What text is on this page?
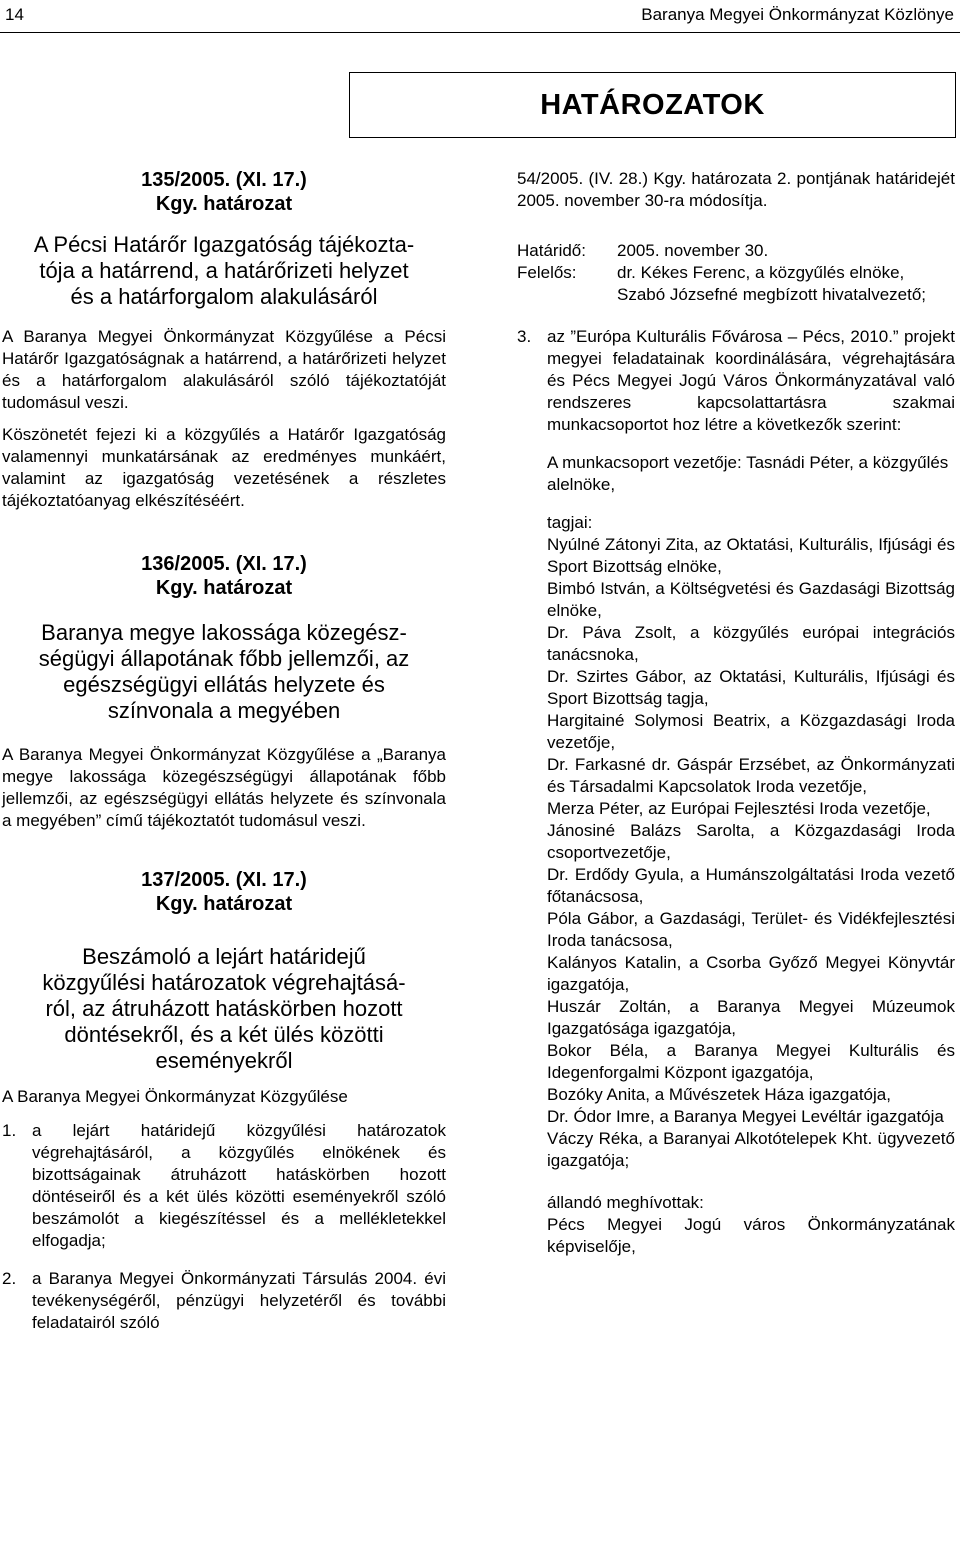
14	Baranya Megyei Önkormányzat Közlönye
HATÁROZATOK

135/2005. (XI. 17.)

Kgy. határozat

A Pécsi Határőr Igazgatóság tájékozta-
tója a határrend, a határőrizeti helyzet
és a határforgalom alakulásáról

A Baranya Megyei Önkormányzat Közgyűlése a Pécsi Határőr Igazgatóságnak a határrend, a határőrizeti helyzet és a határforgalom alakulásáról szóló tájékoztatóját tudomásul veszi.

Köszönetét fejezi ki a közgyűlés a Határőr Igazgatóság valamennyi munkatársának az eredményes munkáért, valamint az igazgatóság vezetésének a részletes tájékoztatóanyag elkészítéséért.

136/2005. (XI. 17.)

Kgy. határozat

Baranya megye lakossága közegész-
ségügyi állapotának főbb jellemzői, az
egészségügyi ellátás helyzete és
színvonala a megyében

A Baranya Megyei Önkormányzat Közgyűlése a „Baranya megye lakossága közegészségügyi állapotának főbb jellemzői, az egészségügyi ellátás helyzete és színvonala a megyében” című tájékoztatót tudomásul veszi.

137/2005. (XI. 17.)

Kgy. határozat

Beszámoló a lejárt határidejű
közgyűlési határozatok végrehajtásá-
ról, az átruházott hatáskörben hozott
döntésekről, és a két ülés közötti
eseményekről

A Baranya Megyei Önkormányzat Közgyűlése

1. a lejárt határidejű közgyűlési határozatok végrehajtásáról, a közgyűlés elnökének és bizottságainak átruházott hatáskörben hozott döntéseiről és a két ülés közötti eseményekről szóló beszámolót a kiegészítéssel és a mellékletekkel elfogadja;
2. a Baranya Megyei Önkormányzati Társulás 2004. évi tevékenységéről, pénzügyi helyzetéről és további feladatairól szóló

54/2005. (IV. 28.) Kgy. határozata 2. pontjának határidejét 2005. november 30-ra módosítja.

Határidő:	2005. november 30.
Felelős:	dr. Kékes Ferenc, a közgyűlés elnöke,
Szabó Józsefné megbízott hivatalvezető;
3. az ”Európa Kulturális Fővárosa – Pécs, 2010.” projekt megyei feladatainak koordinálására, végrehajtására és Pécs Megyei Jogú Város Önkormányzatával való rendszeres kapcsolattartásra szakmai munkacsoportot hoz létre a következők szerint:

A munkacsoport vezetője: Tasnádi Péter, a közgyűlés alelnöke,

tagjai:

Nyúlné Zátonyi Zita, az Oktatási, Kulturális, Ifjúsági és Sport Bizottság elnöke,
Bimbó István, a Költségvetési és Gazdasági Bizottság elnöke,
Dr. Páva Zsolt, a közgyűlés európai integrációs tanácsnoka,
Dr. Szirtes Gábor, az Oktatási, Kulturális, Ifjúsági és Sport Bizottság tagja,
Hargitainé Solymosi Beatrix, a Közgazdasági Iroda vezetője,
Dr. Farkasné dr. Gáspár Erzsébet, az Önkormányzati és Társadalmi Kapcsolatok Iroda vezetője,
Merza Péter, az Európai Fejlesztési Iroda vezetője,
Jánosiné Balázs Sarolta, a Közgazdasági Iroda csoportvezetője,
Dr. Erdődy Gyula, a Humánszolgáltatási Iroda vezető főtanácsosa,
Póla Gábor, a Gazdasági, Terület- és Vidékfejlesztési Iroda tanácsosa,
Kalányos Katalin, a Csorba Győző Megyei Könyvtár igazgatója,
Huszár Zoltán, a Baranya Megyei Múzeumok Igazgatósága igazgatója,
Bokor Béla, a Baranya Megyei Kulturális és Idegenforgalmi Központ igazgatója,
Bozóky Anita, a Művészetek Háza igazgatója,
Dr. Ódor Imre, a Baranya Megyei Levéltár igazgatója
Váczy Réka, a Baranyai Alkotótelepek Kht. ügyvezető igazgatója;

állandó meghívottak:

Pécs Megyei Jogú város Önkormányzatának képviselője,
